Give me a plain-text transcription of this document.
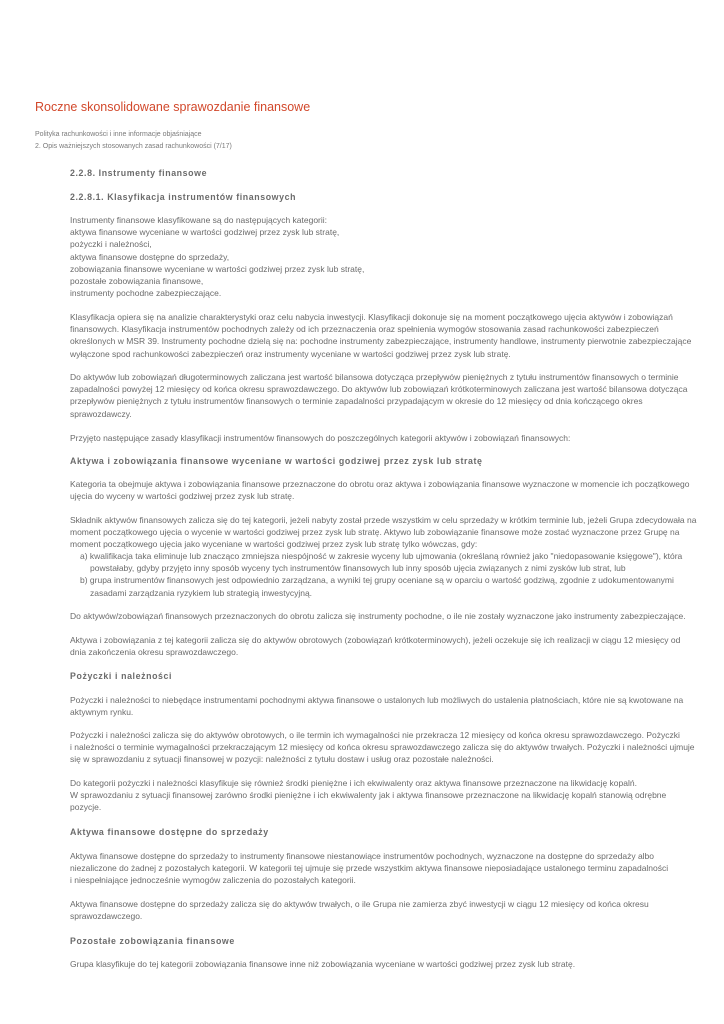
Roczne skonsolidowane sprawozdanie finansowe
Polityka rachunkowości i inne informacje objaśniające
2. Opis ważniejszych stosowanych zasad rachunkowości (7/17)
2.2.8. Instrumenty finansowe
2.2.8.1. Klasyfikacja instrumentów finansowych
Instrumenty finansowe klasyfikowane są do następujących kategorii:
aktywa finansowe wyceniane w wartości godziwej przez zysk lub stratę,
pożyczki i należności,
aktywa finansowe dostępne do sprzedaży,
zobowiązania finansowe wyceniane w wartości godziwej przez zysk lub stratę,
pozostałe zobowiązania finansowe,
instrumenty pochodne zabezpieczające.
Klasyfikacja opiera się na analizie charakterystyki oraz celu nabycia inwestycji. Klasyfikacji dokonuje się na moment początkowego ujęcia aktywów i zobowiązań
finansowych. Klasyfikacja instrumentów pochodnych zależy od ich przeznaczenia oraz spełnienia wymogów stosowania zasad rachunkowości zabezpieczeń
określonych w MSR 39. Instrumenty pochodne dzielą się na: pochodne instrumenty zabezpieczające, instrumenty handlowe, instrumenty pierwotnie zabezpieczające
wyłączone spod rachunkowości zabezpieczeń oraz instrumenty wyceniane w wartości godziwej przez zysk lub stratę.
Do aktywów lub zobowiązań długoterminowych zaliczana jest wartość bilansowa dotycząca przepływów pieniężnych z tytułu instrumentów finansowych o terminie
zapadalności powyżej 12 miesięcy od końca okresu sprawozdawczego. Do aktywów lub zobowiązań krótkoterminowych zaliczana jest wartość bilansowa dotycząca
przepływów pieniężnych z tytułu instrumentów finansowych o terminie zapadalności przypadającym w okresie do 12 miesięcy od dnia kończącego okres
sprawozdawczy.
Przyjęto następujące zasady klasyfikacji instrumentów finansowych do poszczególnych kategorii aktywów i zobowiązań finansowych:
Aktywa i zobowiązania finansowe wyceniane w wartości godziwej przez zysk lub stratę
Kategoria ta obejmuje aktywa i zobowiązania finansowe przeznaczone do obrotu oraz aktywa i zobowiązania finansowe wyznaczone w momencie ich początkowego
ujęcia do wyceny w wartości godziwej przez zysk lub stratę.
Składnik aktywów finansowych zalicza się do tej kategorii, jeżeli nabyty został przede wszystkim w celu sprzedaży w krótkim terminie lub, jeżeli Grupa zdecydowała na
moment początkowego ujęcia o wycenie w wartości godziwej przez zysk lub stratę. Aktywo lub zobowiązanie finansowe może zostać wyznaczone przez Grupę na
moment początkowego ujęcia jako wyceniane w wartości godziwej przez zysk lub stratę tylko wówczas, gdy:
a) kwalifikacja taka eliminuje lub znacząco zmniejsza niespójność w zakresie wyceny lub ujmowania (określaną również jako "niedopasowanie księgowe"), która
powstałaby, gdyby przyjęto inny sposób wyceny tych instrumentów finansowych lub inny sposób ujęcia związanych z nimi zysków lub strat, lub
b) grupa instrumentów finansowych jest odpowiednio zarządzana, a wyniki tej grupy oceniane są w oparciu o wartość godziwą, zgodnie z udokumentowanymi
zasadami zarządzania ryzykiem lub strategią inwestycyjną.
Do aktywów/zobowiązań finansowych przeznaczonych do obrotu zalicza się instrumenty pochodne, o ile nie zostały wyznaczone jako instrumenty zabezpieczające.
Aktywa i zobowiązania z tej kategorii zalicza się do aktywów obrotowych (zobowiązań krótkoterminowych), jeżeli oczekuje się ich realizacji w ciągu 12 miesięcy od
dnia zakończenia okresu sprawozdawczego.
Pożyczki i należności
Pożyczki i należności to niebędące instrumentami pochodnymi aktywa finansowe o ustalonych lub możliwych do ustalenia płatnościach, które nie są kwotowane na
aktywnym rynku.
Pożyczki i należności zalicza się do aktywów obrotowych, o ile termin ich wymagalności nie przekracza 12 miesięcy od końca okresu sprawozdawczego. Pożyczki
i należności o terminie wymagalności przekraczającym 12 miesięcy od końca okresu sprawozdawczego zalicza się do aktywów trwałych. Pożyczki i należności ujmuje
się w sprawozdaniu z sytuacji finansowej w pozycji: należności z tytułu dostaw i usług oraz pozostałe należności.
Do kategorii pożyczki i należności klasyfikuje się również środki pieniężne i ich ekwiwalenty oraz aktywa finansowe przeznaczone na likwidację kopalń.
W sprawozdaniu z sytuacji finansowej zarówno środki pieniężne i ich ekwiwalenty jak i aktywa finansowe przeznaczone na likwidację kopalń stanowią odrębne
pozycje.
Aktywa finansowe dostępne do sprzedaży
Aktywa finansowe dostępne do sprzedaży to instrumenty finansowe niestanowiące instrumentów pochodnych, wyznaczone na dostępne do sprzedaży albo
niezaliczone do żadnej z pozostałych kategorii. W kategorii tej ujmuje się przede wszystkim aktywa finansowe nieposiadające ustalonego terminu zapadalności
i niespełniające jednocześnie wymogów zaliczenia do pozostałych kategorii.
Aktywa finansowe dostępne do sprzedaży zalicza się do aktywów trwałych, o ile Grupa nie zamierza zbyć inwestycji w ciągu 12 miesięcy od końca okresu
sprawozdawczego.
Pozostałe zobowiązania finansowe
Grupa klasyfikuje do tej kategorii zobowiązania finansowe inne niż zobowiązania wyceniane w wartości godziwej przez zysk lub stratę.
